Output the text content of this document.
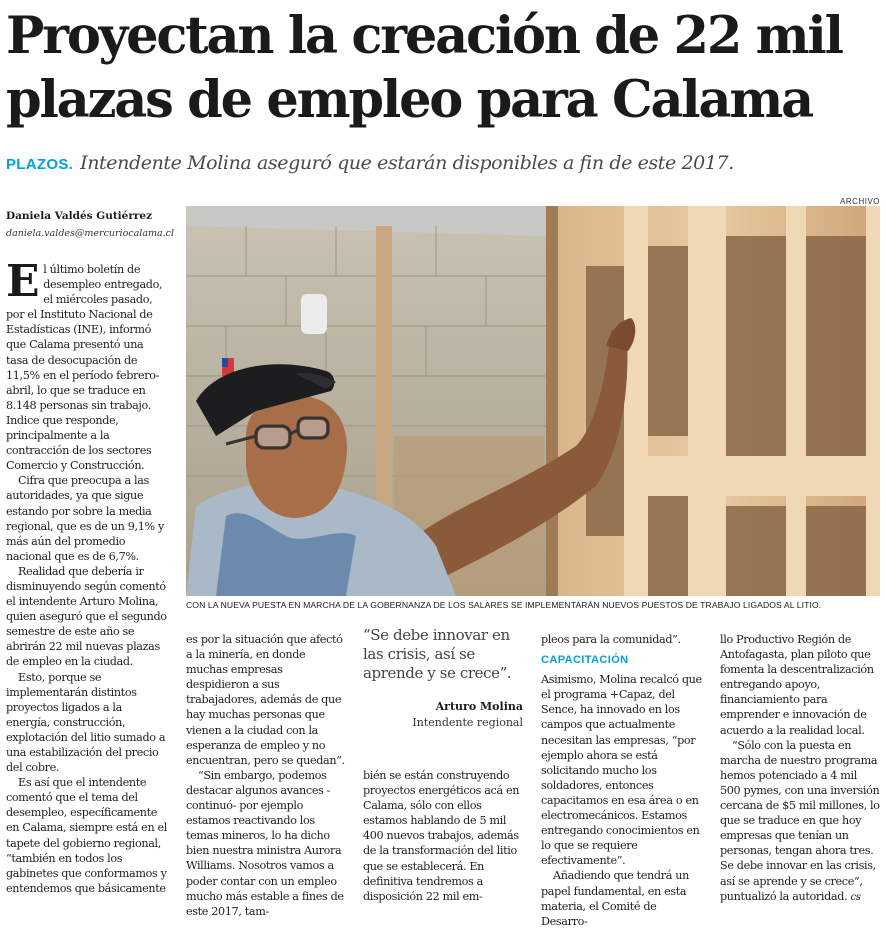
Proyectan la creación de 22 mil plazas de empleo para Calama
PLAZOS. Intendente Molina aseguró que estarán disponibles a fin de este 2017.
Daniela Valdés Gutiérrez
daniela.valdes@mercuriocalama.cl
ARCHIVO
CON LA NUEVA PUESTA EN MARCHA DE LA GOBERNANZA DE LOS SALARES SE IMPLEMENTARÁN NUEVOS PUESTOS DE TRABAJO LIGADOS AL LITIO.

El último boletín de desempleo entregado, el miércoles pasado, por el Instituto Nacional de Estadísticas (INE), informó que Calama presentó una tasa de desocupación de 11,5% en el período febrero-abril, lo que se traduce en 8.148 personas sin trabajo. Indice que responde, principalmente a la contracción de los sectores Comercio y Construcción.

Cifra que preocupa a las autoridades, ya que sigue estando por sobre la media regional, que es de un 9,1% y más aún del promedio nacional que es de 6,7%.

Realidad que debería ir disminuyendo según comentó el intendente Arturo Molina, quien aseguró que el segundo semestre de este año se abrirán 22 mil nuevas plazas de empleo en la ciudad.

Esto, porque se implementarán distintos proyectos ligados a la energía, construcción, explotación del litio sumado a una estabilización del precio del cobre.

Es así que el intendente comentó que el tema del desempleo, específicamente en Calama, siempre está en el tapete del gobierno regional, “también en todos los gabinetes que conformamos y entendemos que básicamente

es por la situación que afectó a la minería, en donde muchas empresas despidieron a sus trabajadores, además de que hay muchas personas que vienen a la ciudad con la esperanza de empleo y no encuentran, pero se quedan”.

“Sin embargo, podemos destacar algunos avances -continuó- por ejemplo estamos reactivando los temas mineros, lo ha dicho bien nuestra ministra Aurora Williams. Nosotros vamos a poder contar con un empleo mucho más estable a fines de este 2017, tam-

“Se debe innovar en las crisis, así se aprende y se crece”.
Arturo Molina
Intendente regional

bién se están construyendo proyectos energéticos acá en Calama, sólo con ellos estamos hablando de 5 mil 400 nuevos trabajos, además de la transformación del litio que se establecerá. En definitiva tendremos a disposición 22 mil em-

pleos para la comunidad”.

CAPACITACIÓN

Asimismo, Molina recalcó que el programa +Capaz, del Sence, ha innovado en los campos que actualmente necesitan las empresas, “por ejemplo ahora se está solicitando mucho los soldadores, entonces capacitamos en esa área o en electromecánicos. Estamos entregando conocimientos en lo que se requiere efectivamente”.

Añadiendo que tendrá un papel fundamental, en esta materia, el Comité de Desarro-

llo Productivo Región de Antofagasta, plan piloto que fomenta la descentralización entregando apoyo, financiamiento para emprender e innovación de acuerdo a la realidad local.

“Sólo con la puesta en marcha de nuestro programa hemos potenciado a 4 mil 500 pymes, con una inversión cercana de $5 mil millones, lo que se traduce en que hoy empresas que tenían un personas, tengan ahora tres. Se debe innovar en las crisis, así se aprende y se crece”, puntualizó la autoridad. cs
